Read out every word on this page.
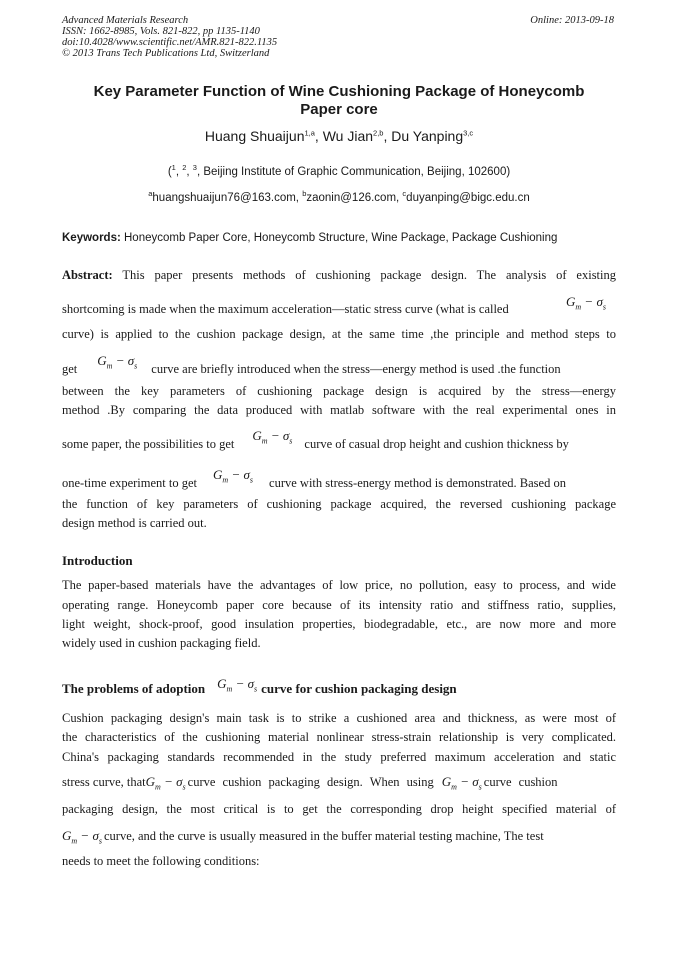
Advanced Materials Research	Online: 2013-09-18
ISSN: 1662-8985, Vols. 821-822, pp 1135-1140
doi:10.4028/www.scientific.net/AMR.821-822.1135
© 2013 Trans Tech Publications Ltd, Switzerland
Key Parameter Function of Wine Cushioning Package of Honeycomb
Paper core
Huang Shuaijun$^{1,a}$, Wu Jian$^{2,b}$, Du Yanping$^{3,c}$
($^1$, $^2$, $^3$, Beijing Institute of Graphic Communication, Beijing, 102600)
$^a$huangshuaijun76@163.com, $^b$zaonin@126.com, $^c$duyanping@bigc.edu.cn
Keywords: Honeycomb Paper Core, Honeycomb Structure, Wine Package, Package Cushioning
Abstract: This paper presents methods of cushioning package design. The analysis of existing
shortcoming is made when the maximum acceleration—static stress curve (what is called	$G_m - \sigma_s$
curve) is applied to the cushion package design, at the same time ,the principle and method steps to
getG$_m$ − $\sigma_s$ curve are briefly introduced when the stress—energy method is used .the function
between the key parameters of cushioning package design is acquired by the stress—energy
method .By comparing the data produced with matlab software with the real experimental ones in
some paper, the possibilities to getG$_m$ − $\sigma_s$ curve of casual drop height and cushion thickness by
one-time experiment to getG$_m$ − $\sigma_s$ curve with stress-energy method is demonstrated. Based on
the function of key parameters of cushioning package acquired, the reversed cushioning package
design method is carried out.
Introduction
The paper-based materials have the advantages of low price, no pollution, easy to process, and wide
operating range. Honeycomb paper core because of its intensity ratio and stiffness ratio, supplies,
light weight, shock-proof, good insulation properties, biodegradable, etc., are now more and more
widely used in cushion packaging field.
The problems of adoption $G_m - \sigma_s$ curve for cushion packaging design
Cushion packaging design's main task is to strike a cushioned area and thickness, as were most of
the characteristics of the cushioning material nonlinear stress-strain relationship is very complicated.
China's packaging standards recommended in the study preferred maximum acceleration and static
stress curve, thatG$_m$ − $\sigma_s$ curve cushion packaging design. When using $G_m - \sigma_s$ curve cushion
packaging design, the most critical is to get the corresponding drop height specified material of
$G_m - \sigma_s$ curve, and the curve is usually measured in the buffer material testing machine, The test
needs to meet the following conditions:
